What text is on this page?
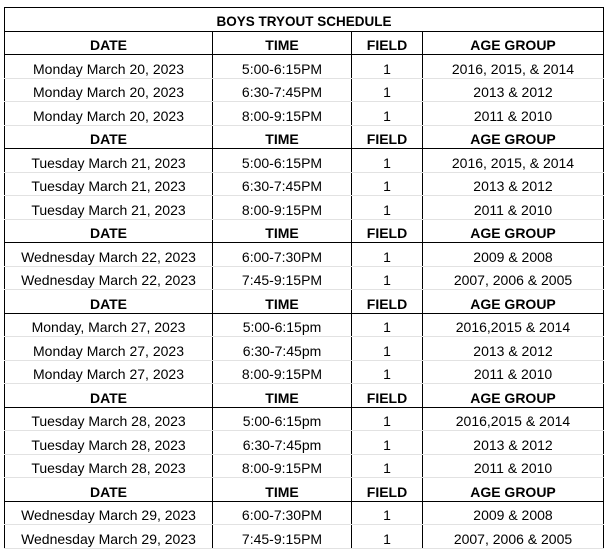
BOYS TRYOUT SCHEDULE			
DATE	TIME	FIELD	AGE GROUP
Monday March 20, 2023	5:00-6:15PM	1	2016, 2015, & 2014
Monday March 20, 2023	6:30-7:45PM	1	2013 & 2012
Monday March 20, 2023	8:00-9:15PM	1	2011 & 2010
DATE	TIME	FIELD	AGE GROUP
Tuesday March 21, 2023	5:00-6:15PM	1	2016, 2015, & 2014
Tuesday March 21, 2023	6:30-7:45PM	1	2013 & 2012
Tuesday March 21, 2023	8:00-9:15PM	1	2011 & 2010
DATE	TIME	FIELD	AGE GROUP
Wednesday March 22, 2023	6:00-7:30PM	1	2009 & 2008
Wednesday March 22, 2023	7:45-9:15PM	1	2007, 2006 & 2005
DATE	TIME	FIELD	AGE GROUP
Monday, March 27, 2023	5:00-6:15pm	1	2016,2015 & 2014
Monday March 27, 2023	6:30-7:45pm	1	2013 & 2012
Monday March 27, 2023	8:00-9:15PM	1	2011 & 2010
DATE	TIME	FIELD	AGE GROUP
Tuesday March 28, 2023	5:00-6:15pm	1	2016,2015 & 2014
Tuesday March 28, 2023	6:30-7:45pm	1	2013 & 2012
Tuesday March 28, 2023	8:00-9:15PM	1	2011 & 2010
DATE	TIME	FIELD	AGE GROUP
Wednesday March 29, 2023	6:00-7:30PM	1	2009 & 2008
Wednesday March 29, 2023	7:45-9:15PM	1	2007, 2006 & 2005
